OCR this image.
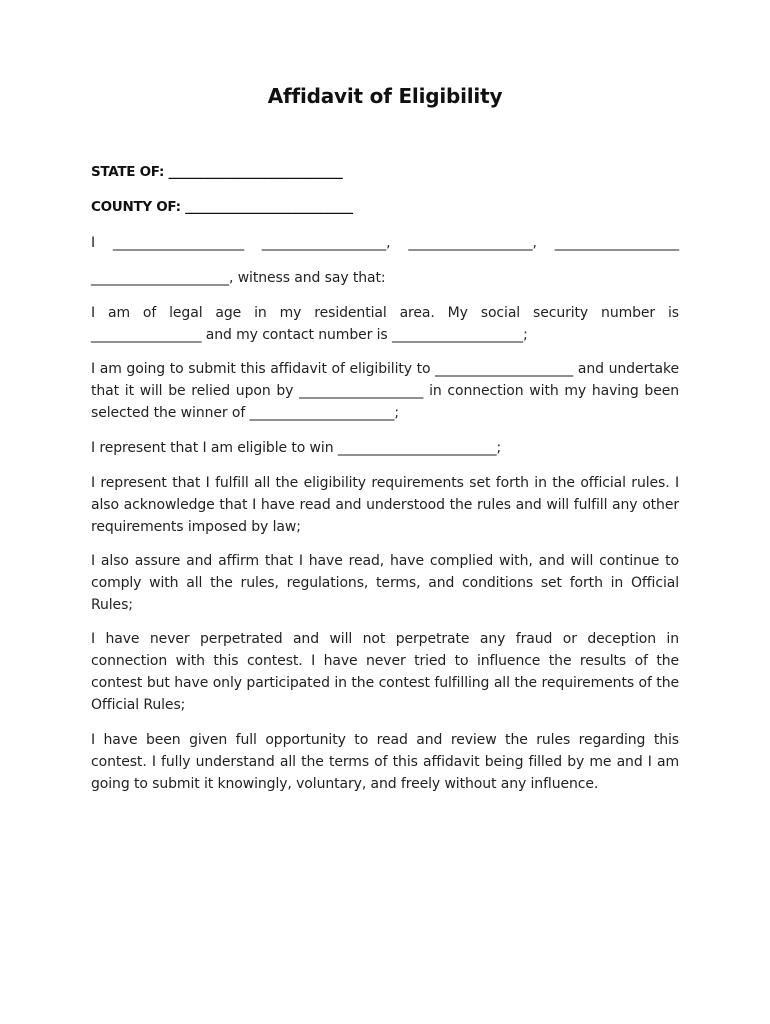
Affidavit of Eligibility
STATE OF: ___________________________
COUNTY OF: __________________________
I ___________________ __________________, __________________, __________________
____________________, witness and say that:
I am of legal age in my residential area. My social security number is ________________ and my contact number is ___________________;
I am going to submit this affidavit of eligibility to ____________________ and undertake that it will be relied upon by __________________ in connection with my having been selected the winner of _____________________;
I represent that I am eligible to win _______________________;
I represent that I fulfill all the eligibility requirements set forth in the official rules. I also acknowledge that I have read and understood the rules and will fulfill any other requirements imposed by law;
I also assure and affirm that I have read, have complied with, and will continue to comply with all the rules, regulations, terms, and conditions set forth in Official Rules;
I have never perpetrated and will not perpetrate any fraud or deception in connection with this contest. I have never tried to influence the results of the contest but have only participated in the contest fulfilling all the requirements of the Official Rules;
I have been given full opportunity to read and review the rules regarding this contest. I fully understand all the terms of this affidavit being filled by me and I am going to submit it knowingly, voluntary, and freely without any influence.
